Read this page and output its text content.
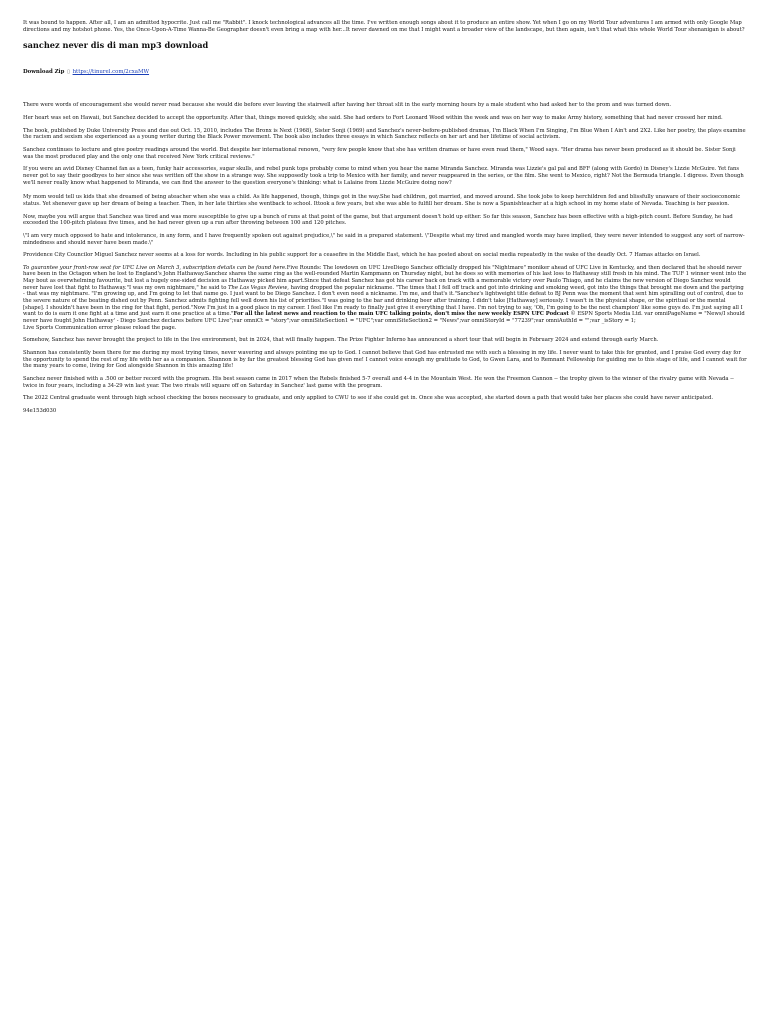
It was bound to happen. After all, I am an admitted hypocrite. Just call me "Rabbit". I knock technological advances all the time. I've written enough songs about it to produce an entire show. Yet when I go on my World Tour adventures I am armed with only Google Map directions and my hotshot phone. Yes, the Once-Upon-A-Time Wanna-Be Geographer doesn't even bring a map with her...It never dawned on me that I might want a broader view of the landscape, but then again, isn't that what this whole World Tour shenanigan is about?

sanchez never dis di man mp3 download
Download Zip ▯ https://tinurel.com/2cxaMW

There were words of encouragement she would never read because she would die before ever leaving the stairwell after having her throat slit in the early morning hours by a male student who had asked her to the prom and was turned down.

Her heart was set on Hawaii, but Sanchez decided to accept the opportunity. After that, things moved quickly, she said. She had orders to Fort Leonard Wood within the week and was on her way to make Army history, something that had never crossed her mind.

The book, published by Duke University Press and due out Oct. 15, 2010, includes The Bronx is Next (1968), Sister Sonji (1969) and Sanchez's never-before-published dramas, I'm Black When I'm Singing, I'm Blue When I Ain't and 2X2. Like her poetry, the plays examine the racism and sexism she experienced as a young writer during the Black Power movement. The book also includes three essays in which Sanchez reflects on her art and her lifetime of social activism.

Sanchez continues to lecture and give poetry readings around the world. But despite her international renown, "very few people know that she has written dramas or have even read them," Wood says. "Her drama has never been produced as it should be. Sister Sonji was the most produced play and the only one that received New York critical reviews."

If you were an avid Disney Channel fan as a teen, funky hair accessories, sugar skulls, and rebel punk tops probably come to mind when you hear the name Miranda Sanchez. Miranda was Lizzie's gal pal and BFF (along with Gordo) in Disney's Lizzie McGuire. Yet fans never got to say their goodbyes to her since she was written off the show in a strange way. She supposedly took a trip to Mexico with her family, and never reappeared in the series, or the film. She went to Mexico, right? Not the Bermuda triangle. I digress. Even though we'll never really know what happened to Miranda, we can find the answer to the question everyone's thinking: what is Lalaine from Lizzie McGuire doing now?

My mom would tell us kids that she dreamed of being ateacher when she was a child. As life happened, though, things got in the way.She had children, got married, and moved around. She took jobs to keep herchildren fed and blissfully unaware of their socioeconomic status. Yet shenever gave up her dream of being a teacher. Then, in her late thirties she wentback to school. Ittook a few years, but she was able to fulfill her dream. She is now a Spanishteacher at a high school in my home state of Nevada. Teaching is her passion.

Now, maybe you will argue that Sanchez was tired and was more susceptible to give up a bunch of runs at that point of the game, but that argument doesn't hold up either. So far this season, Sanchez has been effective with a high-pitch count. Before Sunday, he had exceeded the 100-pitch plateau five times, and he had never given up a run after throwing between 100 and 120 pitches.

\"I am very much opposed to hate and intolerance, in any form, and I have frequently spoken out against prejudice,\" he said in a prepared statement. \"Despite what my tired and mangled words may have implied, they were never intended to suggest any sort of narrow-mindedness and should never have been made.\"

Providence City Councilor Miguel Sanchez never seems at a loss for words. Including in his public support for a ceasefire in the Middle East, which he has posted about on social media repeatedly in the wake of the deadly Oct. 7 Hamas attacks on Israel.

To guarantee your front-row seat for UFC Live on March 3, subscription details can be found here.Five Rounds: The lowdown on UFC LiveDiego Sanchez officially dropped his "Nightmare" moniker ahead of UFC Live in Kentucky, and then declared that he should never have been in the Octagon when he lost to England's John Hathaway.Sanchez shares the same ring as the well-rounded Martin Kampmann on Thursday night, but he does so with memories of his last loss to Hathaway still fresh in his mind. The TUF 1 winner went into the May bout as overwhelming favourite, but lost a hugely one-sided decision as Hathaway picked him apart.Since that defeat Sanchez has got his career back on track with a memorable victory over Paulo Thiago, and he claims the new version of Diego Sanchez would never have lost that fight to Hathaway."I was my own nightmare," he said to The Las Vegas Review, having dropped the popular nickname. "The times that I fell off track and got into drinking and smoking weed, got into the things that brought me down and the partying - that was my nightmare. "I'm growing up, and I'm going to let that name go. I just want to be Diego Sanchez. I don't even need a nickname. I'm me, and that's it."Sanchez's lightweight title defeat to BJ Penn was the moment that sent him spiralling out of control, due to the severe nature of the beating dished out by Penn. Sanchez admits fighting fell well down his list of priorities."I was going to the bar and drinking beer after training. I didn't take [Hathaway] seriously. I wasn't in the physical shape, or the spiritual or the mental [shape]. I shouldn't have been in the ring for that fight, period."Now I'm just in a good place in my career. I feel like I'm ready to finally just give it everything that I have. I'm not trying to say, 'Oh, I'm going to be the next champion' like some guys do. I'm just saying all I want to do is earn it one fight at a time and just earn it one practice at a time."For all the latest news and reaction to the main UFC talking points, don't miss the new weekly ESPN UFC Podcast © ESPN Sports Media Ltd. var omniPageName = "News/I should never have fought John Hathaway' - Diego Sanchez declares before UFC Live";var omniCt = "story";var omniSiteSection1 = "UFC";var omniSiteSection2 = "News";var omniStoryId = "77239";var omniAuthId = "";var _isStory = 1;
Live Sports Communication error please reload the page.

Somehow, Sanchez has never brought the project to life in the live environment, but in 2024, that will finally happen. The Prize Fighter Inferno has announced a short tour that will begin in February 2024 and extend through early March.

Shannon has consistently been there for me during my most trying times, never wavering and always pointing me up to God. I cannot believe that God has entrusted me with such a blessing in my life. I never want to take this for granted, and I praise God every day for the opportunity to spend the rest of my life with her as a companion. Shannon is by far the greatest blessing God has given me! I cannot voice enough my gratitude to God, to Gwen Lara, and to Remnant Fellowship for guiding me to this stage of life, and I cannot wait for the many years to come, living for God alongside Shannon in this amazing life!

Sanchez never finished with a .500 or better record with the program. His best season came in 2017 when the Rebels finished 5-7 overall and 4-4 in the Mountain West. He won the Freemon Cannon -- the trophy given to the winner of the rivalry game with Nevada -- twice in four years, including a 34-29 win last year. The two rivals will square off on Saturday in Sanchez' last game with the program.

The 2022 Central graduate went through high school checking the boxes necessary to graduate, and only applied to CWU to see if she could get in. Once she was accepted, she started down a path that would take her places she could have never anticipated.

94e153d030
